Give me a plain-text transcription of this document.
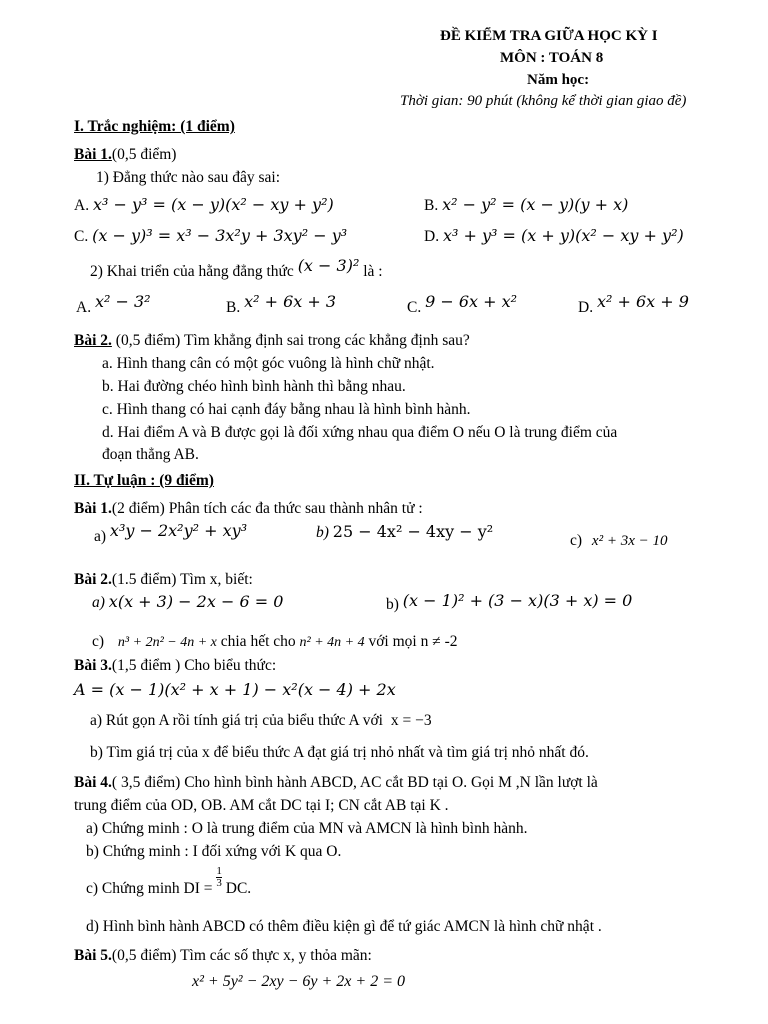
ĐỀ KIỂM TRA GIỮA HỌC KỲ I
MÔN : TOÁN 8
Năm học:
Thời gian: 90 phút (không kể thời gian giao đề)
I. Trắc nghiệm: (1 điểm)
Bài 1.(0,5 điểm)
1) Đẳng thức nào sau đây sai:
A. x³ − y³ = (x − y)(x² − xy + y²)	B. x² − y² = (x − y)(y + x)
C. (x − y)³ = x³ − 3x²y + 3xy² − y³	D. x³ + y³ = (x + y)(x² − xy + y²)
2) Khai triển của hằng đẳng thức (x − 3)² là :
A. x² − 3²	B. x² + 6x + 3	C. 9 − 6x + x²	D. x² + 6x + 9
Bài 2. (0,5 điểm) Tìm khẳng định sai trong các khẳng định sau?
a. Hình thang cân có một góc vuông là hình chữ nhật.
b. Hai đường chéo hình bình hành thì bằng nhau.
c. Hình thang có hai cạnh đáy bằng nhau là hình bình hành.
d. Hai điểm A và B được gọi là đối xứng nhau qua điểm O nếu O là trung điểm của
đoạn thẳng AB.
II. Tự luận : (9 điểm)
Bài 1.(2 điểm) Phân tích các đa thức sau thành nhân tử :
a) x³y − 2x²y² + xy³	b) 25 − 4x² − 4xy − y²	c) x² + 3x − 10
Bài 2.(1.5 điểm) Tìm x, biết:
a) x(x + 3) − 2x − 6 = 0	b) (x − 1)² + (3 − x)(3 + x) = 0
c) n³ + 2n² − 4n + x chia hết cho n² + 4n + 4 với mọi n ≠ -2
Bài 3.(1,5 điểm ) Cho biểu thức:
A = (x − 1)(x² + x + 1) − x²(x − 4) + 2x
a) Rút gọn A rồi tính giá trị của biểu thức A với x = −3
b) Tìm giá trị của x để biểu thức A đạt giá trị nhỏ nhất và tìm giá trị nhỏ nhất đó.
Bài 4.( 3,5 điểm) Cho hình bình hành ABCD, AC cắt BD tại O. Gọi M ,N lần lượt là
trung điểm của OD, OB. AM cắt DC tại I; CN cắt AB tại K .
a) Chứng minh : O là trung điểm của MN và AMCN là hình bình hành.
b) Chứng minh : I đối xứng với K qua O.
c) Chứng minh DI = $\frac{1}{3}$ DC.
d) Hình bình hành ABCD có thêm điều kiện gì để tứ giác AMCN là hình chữ nhật .
Bài 5.(0,5 điểm) Tìm các số thực x, y thỏa mãn:
x² + 5y² − 2xy − 6y + 2x + 2 = 0
